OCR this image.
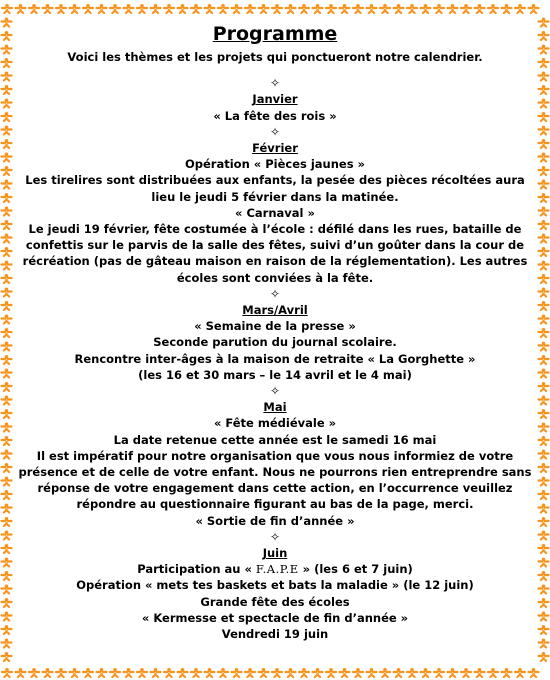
Programme

Voici les thèmes et les projets qui ponctueront notre calendrier.

✧
Janvier

« La fête des rois »

✧
Février

Opération « Pièces jaunes »

Les tirelires sont distribuées aux enfants, la pesée des pièces récoltées aura lieu le jeudi 5 février dans la matinée.

« Carnaval »

Le jeudi 19 février, fête costumée à l’école : défilé dans les rues, bataille de confettis sur le parvis de la salle des fêtes, suivi d’un goûter dans la cour de récréation (pas de gâteau maison en raison de la réglementation). Les autres écoles sont conviées à la fête.

✧
Mars/Avril

« Semaine de la presse »

Seconde parution du journal scolaire.

Rencontre inter-âges à la maison de retraite « La Gorghette »

(les 16 et 30 mars – le 14 avril et le 4 mai)

✧
Mai

« Fête médiévale »

La date retenue cette année est le samedi 16 mai

Il est impératif pour notre organisation que vous nous informiez de votre présence et de celle de votre enfant. Nous ne pourrons rien entreprendre sans réponse de votre engagement dans cette action, en l’occurrence veuillez répondre au questionnaire figurant au bas de la page, merci.

« Sortie de fin d’année »

✧
Juin

Participation au « F.A.P.E » (les 6 et 7 juin)

Opération « mets tes baskets et bats la maladie » (le 12 juin)

Grande fête des écoles

« Kermesse et spectacle de fin d’année »

Vendredi 19 juin
